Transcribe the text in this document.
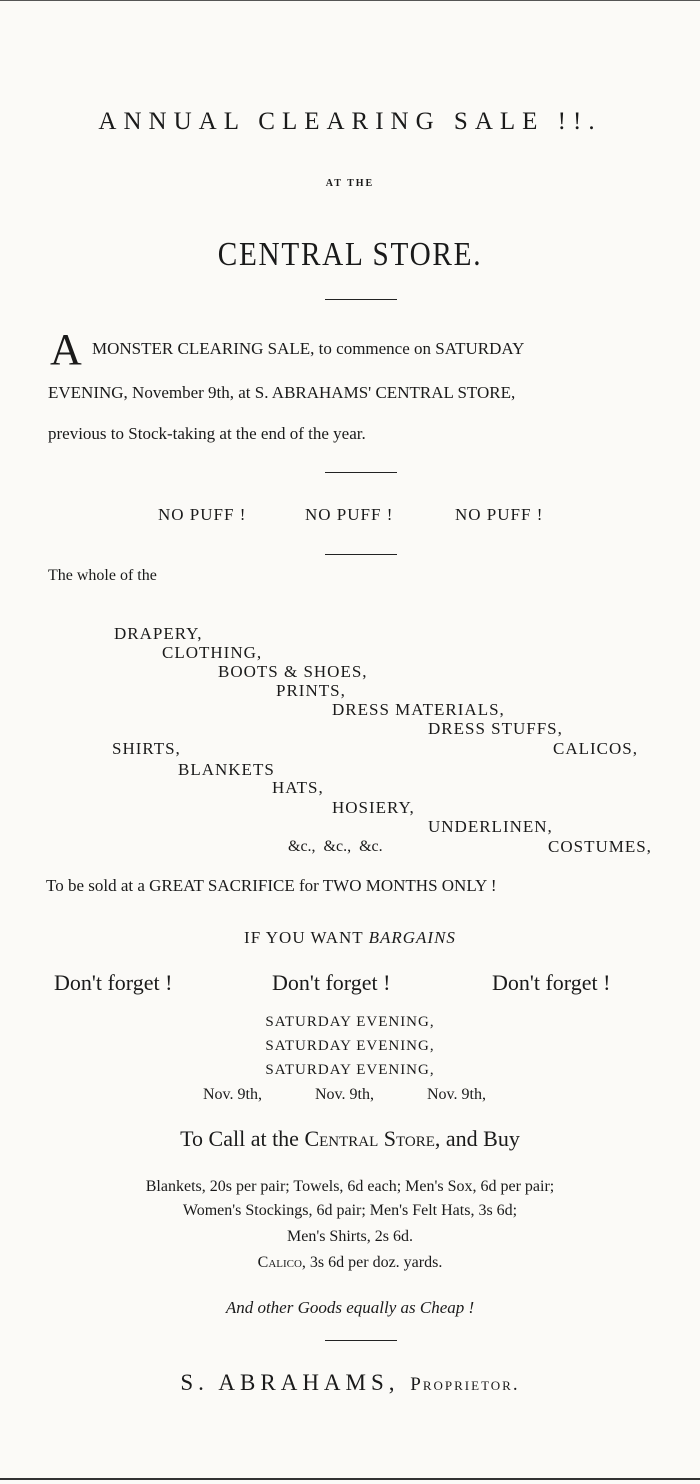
ANNUAL CLEARING SALE !!.
AT THE
CENTRAL STORE.
A MONSTER CLEARING SALE, to commence on SATURDAY
EVENING, November 9th, at S. ABRAHAMS' CENTRAL STORE,
previous to Stock-taking at the end of the year.
NO PUFF !	NO PUFF !	NO PUFF !
The whole of the
DRAPERY,
CLOTHING,
BOOTS & SHOES,
PRINTS,
DRESS MATERIALS,
DRESS STUFFS,
SHIRTS,	CALICOS,
BLANKETS
HATS,
HOSIERY,
UNDERLINEN,
&c.,  &c.,  &c.	COSTUMES,
To be sold at a GREAT SACRIFICE for TWO MONTHS ONLY !
IF YOU WANT BARGAINS
Don't forget !	Don't forget !	Don't forget !
SATURDAY EVENING,
SATURDAY EVENING,
SATURDAY EVENING,
Nov. 9th,	Nov. 9th,	Nov. 9th,
To Call at the Central Store, and Buy
Blankets, 20s per pair; Towels, 6d each; Men's Sox, 6d per pair;
Women's Stockings, 6d pair; Men's Felt Hats, 3s 6d;
Men's Shirts, 2s 6d.
Calico, 3s 6d per doz. yards.
And other Goods equally as Cheap !
S. ABRAHAMS, Proprietor.
